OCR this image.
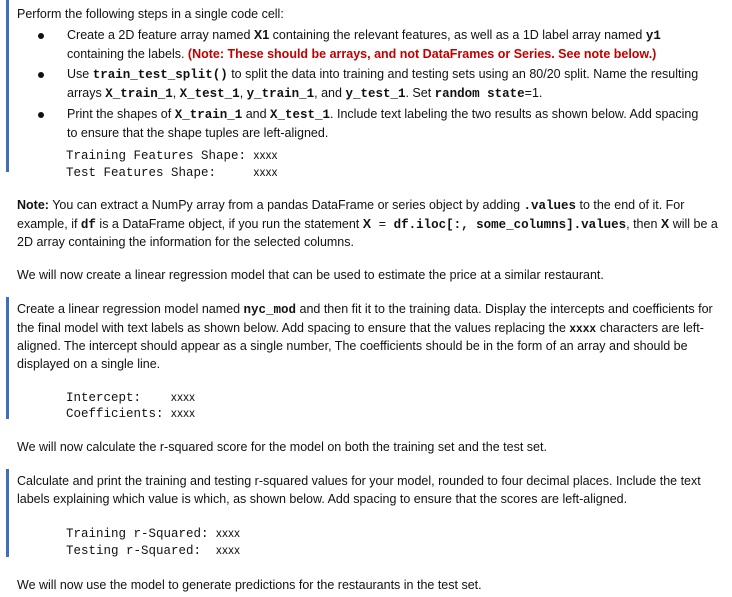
Perform the following steps in a single code cell:
Create a 2D feature array named X1 containing the relevant features, as well as a 1D label array named y1 containing the labels. (Note: These should be arrays, and not DataFrames or Series. See note below.)
Use train_test_split() to split the data into training and testing sets using an 80/20 split. Name the resulting arrays X_train_1, X_test_1, y_train_1, and y_test_1. Set random state=1.
Print the shapes of X_train_1 and X_test_1. Include text labeling the two results as shown below. Add spacing to ensure that the shape tuples are left-aligned.
Training Features Shape: xxxx
Test Features Shape:     xxxx
Note: You can extract a NumPy array from a pandas DataFrame or series object by adding .values to the end of it. For example, if df is a DataFrame object, if you run the statement X = df.iloc[:, some_columns].values, then X will be a 2D array containing the information for the selected columns.
We will now create a linear regression model that can be used to estimate the price at a similar restaurant.
Create a linear regression model named nyc_mod and then fit it to the training data. Display the intercepts and coefficients for the final model with text labels as shown below. Add spacing to ensure that the values replacing the xxxx characters are left-aligned. The intercept should appear as a single number, The coefficients should be in the form of an array and should be displayed on a single line.
Intercept:    xxxx
Coefficients: xxxx
We will now calculate the r-squared score for the model on both the training set and the test set.
Calculate and print the training and testing r-squared values for your model, rounded to four decimal places. Include the text labels explaining which value is which, as shown below. Add spacing to ensure that the scores are left-aligned.
Training r-Squared: xxxx
Testing r-Squared:  xxxx
We will now use the model to generate predictions for the restaurants in the test set.
